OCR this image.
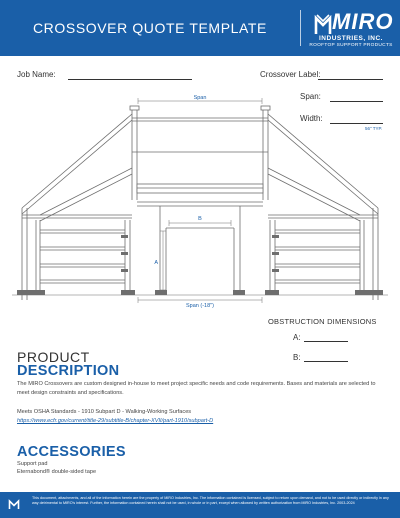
CROSSOVER QUOTE TEMPLATE	MIRO
INDUSTRIES, INC.
ROOFTOP SUPPORT PRODUCTS
Job Name:	Crossover Label:
Span:
Width:
56" TYP.
Span
B
A
Span (-18")
OBSTRUCTION DIMENSIONS
A:
B:
PRODUCT
DESCRIPTION
The MIRO Crossovers are custom designed in-house to meet project specific needs and code requirements. Bases and materials are selected to meet design constraints and specifications.
Meets OSHA Standards - 1910 Subpart D - Walking-Working Surfaces
https://www.ecfr.gov/current/title-29/subtitle-B/chapter-XVII/part-1910/subpart-D
ACCESSORIES
Support pad
Eternabond® double-sided tape
This document, attachments, and all of the information herein are the property of MIRO Industries, Inc. The information contained is licensed, subject to return upon demand, and not to be used directly or indirectly in any way detrimental to MIRO's interest. Further, the information contained herein shall not be used, in whole or in part, except when allowed by written authorization from MIRO Industries, Inc. 2003-2024
